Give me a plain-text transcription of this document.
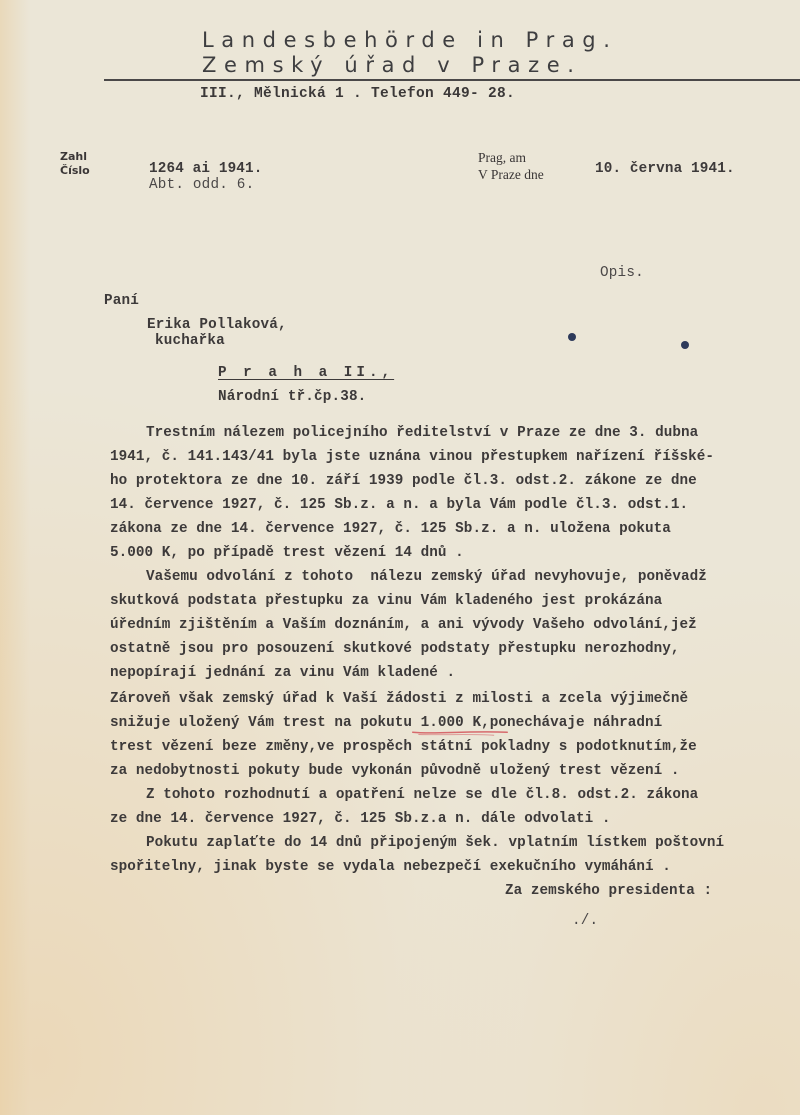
Landesbehörde in Prag.
Zemský úřad v Praze.
III., Mělnická 1 . Telefon 449- 28.
Zahl
Číslo	1264 ai 1941.
Abt. odd. 6.
Prag, am
V Praze dne	10. června 1941.
Opis.
Paní
Erika Pollaková,
kuchařka
P r a h a II.,
Národní tř.čp.38.
Trestním nálezem policejního ředitelství v Praze ze dne 3. dubna
1941, č. 141.143/41 byla jste uznána vinou přestupkem nařízení říšské-
ho protektora ze dne 10. září 1939 podle čl.3. odst.2. zákone ze dne
14. července 1927, č. 125 Sb.z. a n. a byla Vám podle čl.3. odst.1.
zákona ze dne 14. července 1927, č. 125 Sb.z. a n. uložena pokuta
5.000 K, po případě trest vězení 14 dnů .
Vašemu odvolání z tohoto  nálezu zemský úřad nevyhovuje, poněvadž
skutková podstata přestupku za vinu Vám kladeného jest prokázána
úředním zjištěním a Vaším doznáním, a ani vývody Vašeho odvolání,jež
ostatně jsou pro posouzení skutkové podstaty přestupku nerozhodny,
nepopírají jednání za vinu Vám kladené .
Zároveň však zemský úřad k Vaší žádosti z milosti a zcela výjimečně
snižuje uložený Vám trest na pokutu 1.000 K,ponechávaje náhradní
trest vězení beze změny,ve prospěch státní pokladny s podotknutím,že
za nedobytnosti pokuty bude vykonán původně uložený trest vězení .
Z tohoto rozhodnutí a opatření nelze se dle čl.8. odst.2. zákona
ze dne 14. července 1927, č. 125 Sb.z.a n. dále odvolati .
Pokutu zaplaťte do 14 dnů připojeným šek. vplatním lístkem poštovní
spořitelny, jinak byste se vydala nebezpečí exekučního vymáhání .
Za zemského presidenta :
./.
